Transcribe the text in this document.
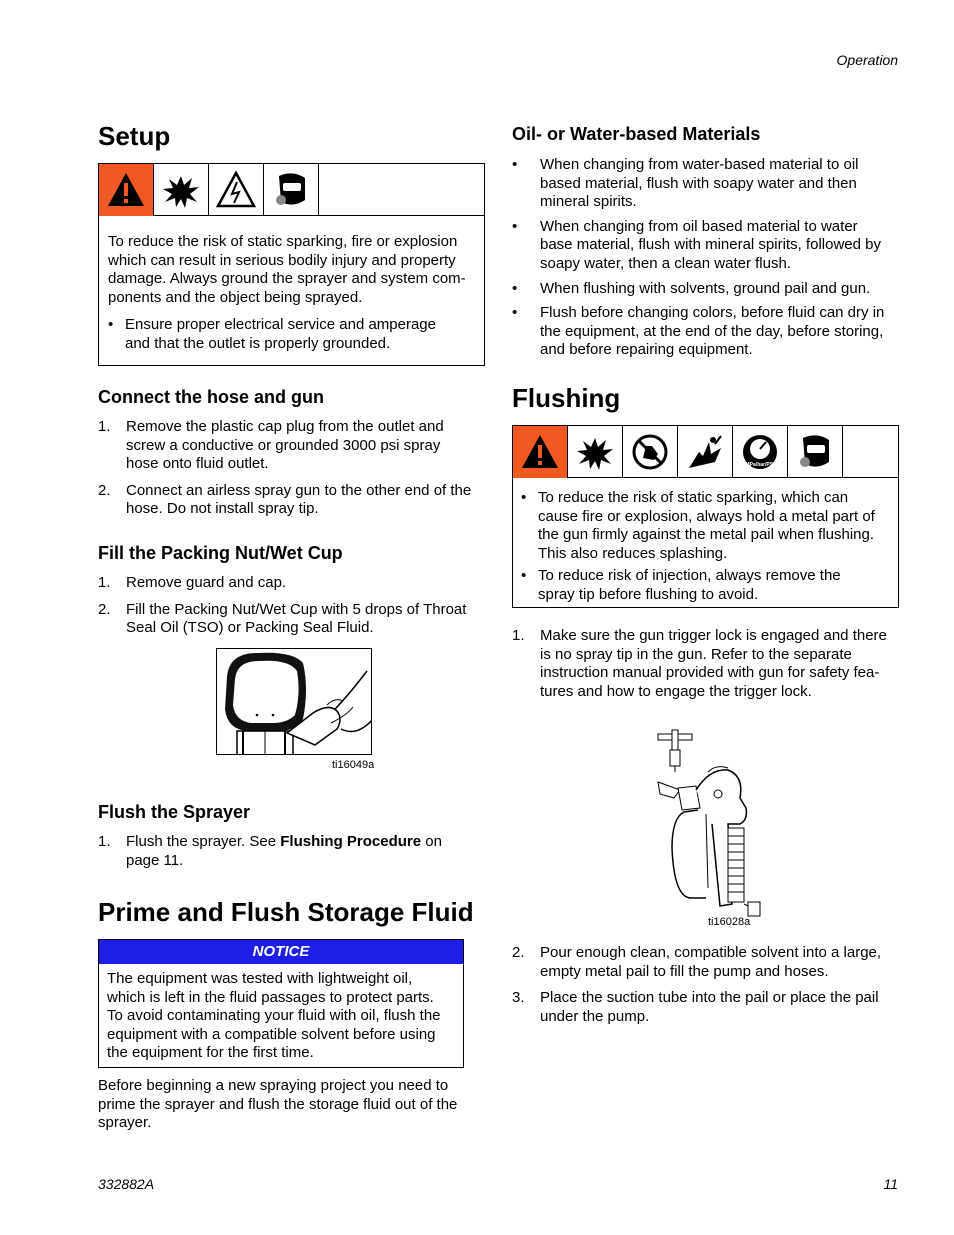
Operation
Setup
To reduce the risk of static sparking, fire or explosion
which can result in serious bodily injury and property
damage. Always ground the sprayer and system com-
ponents and the object being sprayed.
• Ensure proper electrical service and amperage
and that the outlet is properly grounded.
Connect the hose and gun
1. Remove the plastic cap plug from the outlet and
screw a conductive or grounded 3000 psi spray
hose onto fluid outlet.
2. Connect an airless spray gun to the other end of the
hose. Do not install spray tip.
Fill the Packing Nut/Wet Cup
1. Remove guard and cap.
2. Fill the Packing Nut/Wet Cup with 5 drops of Throat
Seal Oil (TSO) or Packing Seal Fluid.
ti16049a
Flush the Sprayer
1. Flush the sprayer. See Flushing Procedure on
page 11.
Prime and Flush Storage Fluid
NOTICE
The equipment was tested with lightweight oil,
which is left in the fluid passages to protect parts.
To avoid contaminating your fluid with oil, flush the
equipment with a compatible solvent before using
the equipment for the first time.
Before beginning a new spraying project you need to
prime the sprayer and flush the storage fluid out of the
sprayer.
Oil- or Water-based Materials
• When changing from water-based material to oil
based material, flush with soapy water and then
mineral spirits.
• When changing from oil based material to water
base material, flush with mineral spirits, followed by
soapy water, then a clean water flush.
• When flushing with solvents, ground pail and gun.
• Flush before changing colors, before fluid can dry in
the equipment, at the end of the day, before storing,
and before repairing equipment.
Flushing
MPa/bar/PSI
• To reduce the risk of static sparking, which can
cause fire or explosion, always hold a metal part of
the gun firmly against the metal pail when flushing.
This also reduces splashing.
• To reduce risk of injection, always remove the
spray tip before flushing to avoid.
1. Make sure the gun trigger lock is engaged and there
is no spray tip in the gun. Refer to the separate
instruction manual provided with gun for safety fea-
tures and how to engage the trigger lock.
ti16028a
2. Pour enough clean, compatible solvent into a large,
empty metal pail to fill the pump and hoses.
3. Place the suction tube into the pail or place the pail
under the pump.
332882A	11
